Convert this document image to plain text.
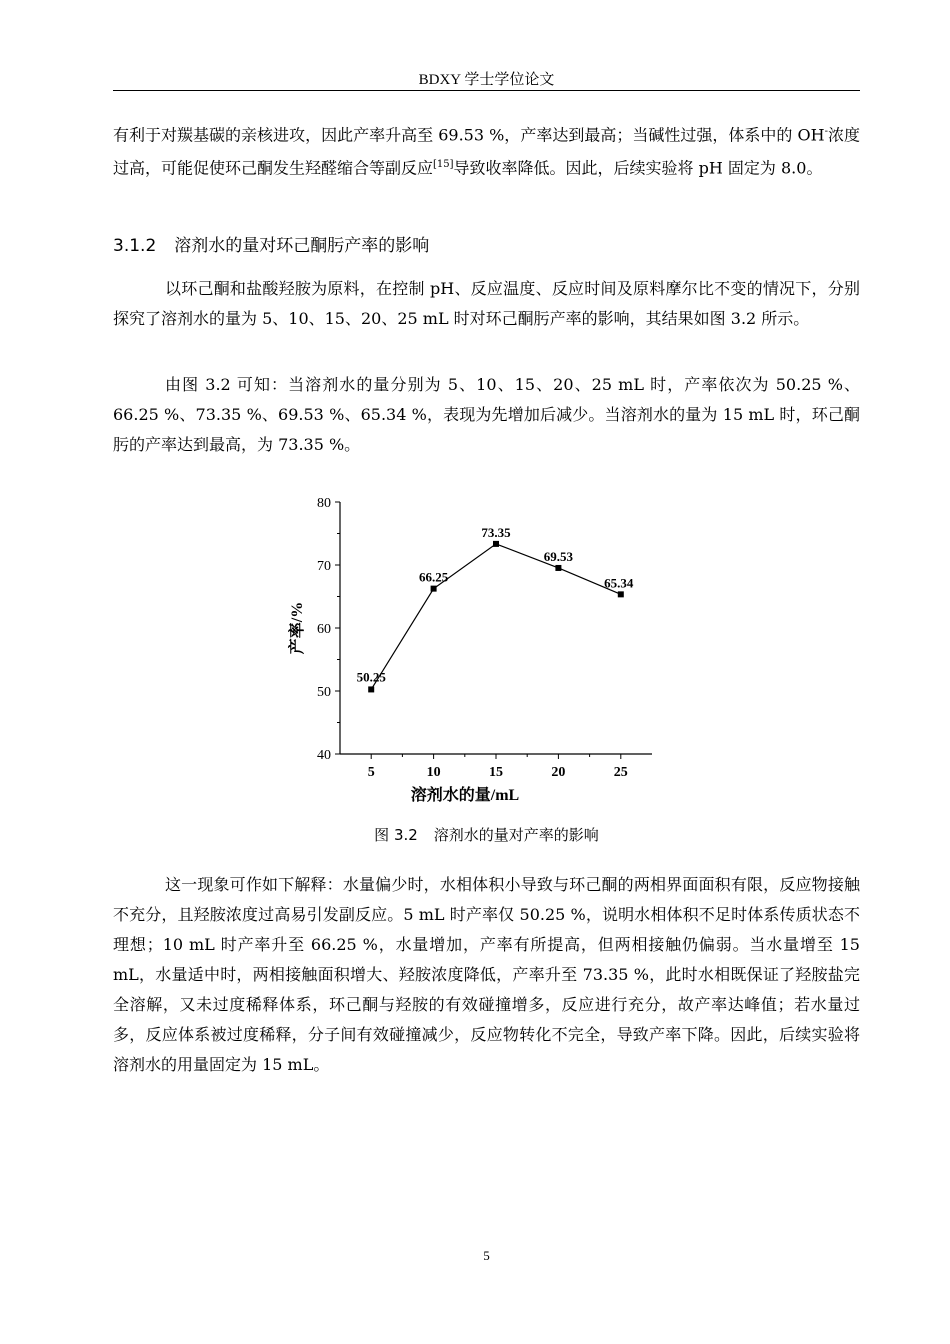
BDXY 学士学位论文
有利于对羰基碳的亲核进攻，因此产率升高至 69.53 %，产率达到最高；当碱性过强，体系中的 OH-浓度过高，可能促使环己酮发生羟醛缩合等副反应[15]导致收率降低。因此，后续实验将 pH 固定为 8.0。
3.1.2 溶剂水的量对环己酮肟产率的影响
以环己酮和盐酸羟胺为原料，在控制 pH、反应温度、反应时间及原料摩尔比不变的情况下，分别探究了溶剂水的量为 5、10、15、20、25 mL 时对环己酮肟产率的影响，其结果如图 3.2 所示。
由图 3.2 可知：当溶剂水的量分别为 5、10、15、20、25 mL 时，产率依次为 50.25 %、66.25 %、73.35 %、69.53 %、65.34 %，表现为先增加后减少。当溶剂水的量为 15 mL 时，环己酮肟的产率达到最高，为 73.35 %。
40
50
60
70
80
5	10	15	20	25
50.25
66.25
73.35
69.53
65.34
溶剂水的量/mL
产率/%
图 3.2 溶剂水的量对产率的影响
这一现象可作如下解释：水量偏少时，水相体积小导致与环己酮的两相界面面积有限，反应物接触不充分，且羟胺浓度过高易引发副反应。5 mL 时产率仅 50.25 %，说明水相体积不足时体系传质状态不理想；10 mL 时产率升至 66.25 %，水量增加，产率有所提高，但两相接触仍偏弱。当水量增至 15 mL，水量适中时，两相接触面积增大、羟胺浓度降低，产率升至 73.35 %，此时水相既保证了羟胺盐完全溶解，又未过度稀释体系，环己酮与羟胺的有效碰撞增多，反应进行充分，故产率达峰值；若水量过多，反应体系被过度稀释，分子间有效碰撞减少，反应物转化不完全，导致产率下降。因此，后续实验将溶剂水的用量固定为 15 mL。
5
